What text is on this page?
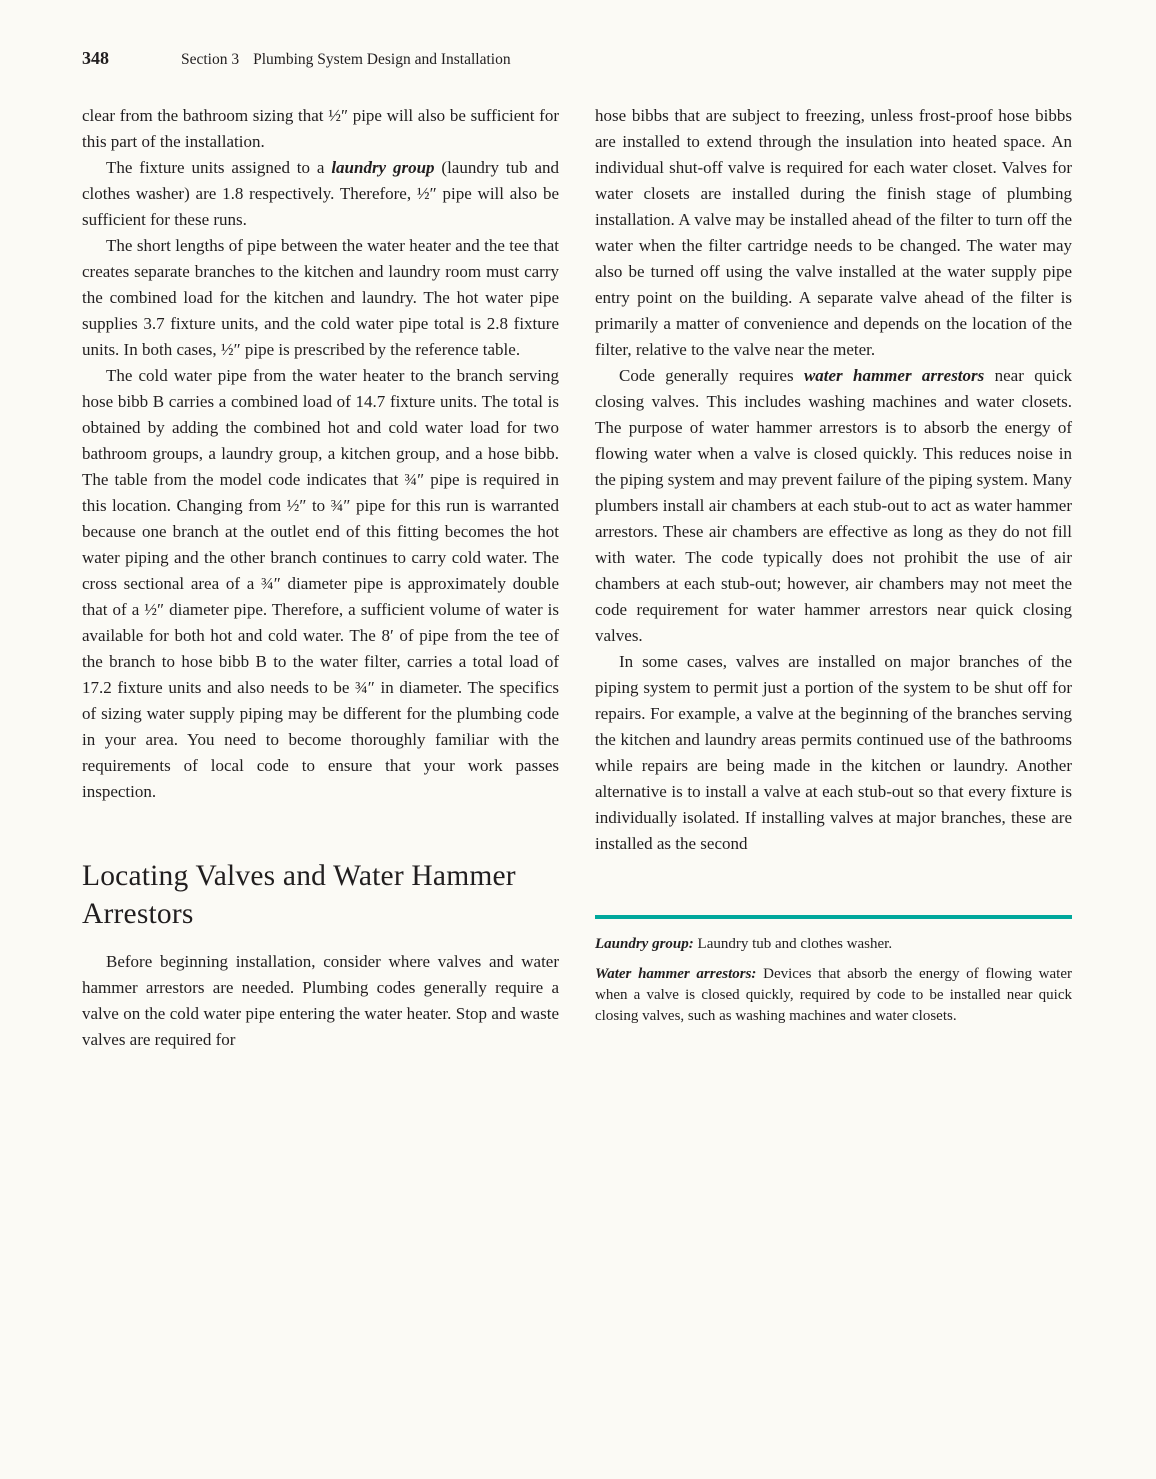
348	Section 3 Plumbing System Design and Installation

clear from the bathroom sizing that ½″ pipe will also be sufficient for this part of the installation.

The fixture units assigned to a laundry group (laundry tub and clothes washer) are 1.8 respectively. Therefore, ½″ pipe will also be sufficient for these runs.

The short lengths of pipe between the water heater and the tee that creates separate branches to the kitchen and laundry room must carry the combined load for the kitchen and laundry. The hot water pipe supplies 3.7 fixture units, and the cold water pipe total is 2.8 fixture units. In both cases, ½″ pipe is prescribed by the reference table.

The cold water pipe from the water heater to the branch serving hose bibb B carries a combined load of 14.7 fixture units. The total is obtained by adding the combined hot and cold water load for two bathroom groups, a laundry group, a kitchen group, and a hose bibb. The table from the model code indicates that ¾″ pipe is required in this location. Changing from ½″ to ¾″ pipe for this run is warranted because one branch at the outlet end of this fitting becomes the hot water piping and the other branch continues to carry cold water. The cross sectional area of a ¾″ diameter pipe is approximately double that of a ½″ diameter pipe. Therefore, a sufficient volume of water is available for both hot and cold water. The 8′ of pipe from the tee of the branch to hose bibb B to the water filter, carries a total load of 17.2 fixture units and also needs to be ¾″ in diameter. The specifics of sizing water supply piping may be different for the plumbing code in your area. You need to become thoroughly familiar with the requirements of local code to ensure that your work passes inspection.

Locating Valves and Water Hammer Arrestors

Before beginning installation, consider where valves and water hammer arrestors are needed. Plumbing codes generally require a valve on the cold water pipe entering the water heater. Stop and waste valves are required for

hose bibbs that are subject to freezing, unless frost-proof hose bibbs are installed to extend through the insulation into heated space. An individual shut-off valve is required for each water closet. Valves for water closets are installed during the finish stage of plumbing installation. A valve may be installed ahead of the filter to turn off the water when the filter cartridge needs to be changed. The water may also be turned off using the valve installed at the water supply pipe entry point on the building. A separate valve ahead of the filter is primarily a matter of convenience and depends on the location of the filter, relative to the valve near the meter.

Code generally requires water hammer arrestors near quick closing valves. This includes washing machines and water closets. The purpose of water hammer arrestors is to absorb the energy of flowing water when a valve is closed quickly. This reduces noise in the piping system and may prevent failure of the piping system. Many plumbers install air chambers at each stub-out to act as water hammer arrestors. These air chambers are effective as long as they do not fill with water. The code typically does not prohibit the use of air chambers at each stub-out; however, air chambers may not meet the code requirement for water hammer arrestors near quick closing valves.

In some cases, valves are installed on major branches of the piping system to permit just a portion of the system to be shut off for repairs. For example, a valve at the beginning of the branches serving the kitchen and laundry areas permits continued use of the bathrooms while repairs are being made in the kitchen or laundry. Another alternative is to install a valve at each stub-out so that every fixture is individually isolated. If installing valves at major branches, these are installed as the second

Laundry group: Laundry tub and clothes washer.

Water hammer arrestors: Devices that absorb the energy of flowing water when a valve is closed quickly, required by code to be installed near quick closing valves, such as washing machines and water closets.
